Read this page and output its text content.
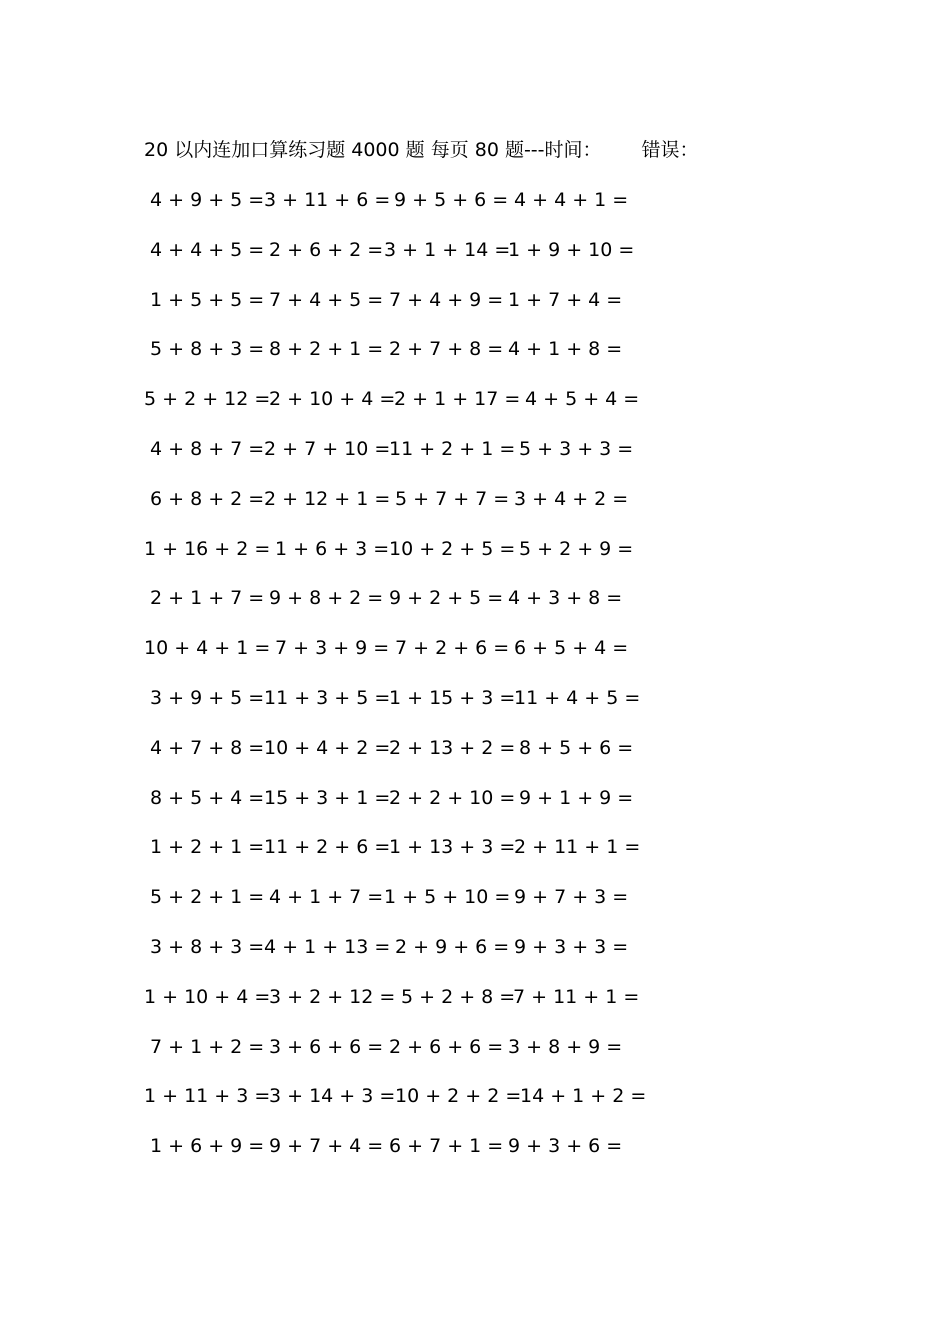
20 以内连加口算练习题 4000 题 每页 80 题---时间： 错误：
4 + 9 + 5 = 3 + 11 + 6 = 9 + 5 + 6 = 4 + 4 + 1 =
4 + 4 + 5 = 2 + 6 + 2 = 3 + 1 + 14 =
1 + 9 + 10 =
1 + 5 + 5 = 7 + 4 + 5 = 7 + 4 + 9 = 1 + 7 + 4 =
5 + 8 + 3 = 8 + 2 + 1 = 2 + 7 + 8 = 4 + 1 + 8 =
5 + 2 + 12 =
2 + 10 + 4 =
2 + 1 + 17 = 4 + 5 + 4 =
4 + 8 + 7 = 2 + 7 + 10 =
11 + 2 + 1 = 5 + 3 + 3 =
6 + 8 + 2 = 2 + 12 + 1 = 5 + 7 + 7 = 3 + 4 + 2 =
1 + 16 + 2 = 1 + 6 + 3 = 10 + 2 + 5 = 5 + 2 + 9 =
2 + 1 + 7 = 9 + 8 + 2 = 9 + 2 + 5 = 4 + 3 + 8 =
10 + 4 + 1 = 7 + 3 + 9 = 7 + 2 + 6 = 6 + 5 + 4 =
3 + 9 + 5 = 11 + 3 + 5 =
1 + 15 + 3 =
11 + 4 + 5 =
4 + 7 + 8 = 10 + 4 + 2 =
2 + 13 + 2 = 8 + 5 + 6 =
8 + 5 + 4 = 15 + 3 + 1 =
2 + 2 + 10 = 9 + 1 + 9 =
1 + 2 + 1 = 11 + 2 + 6 =
1 + 13 + 3 =
2 + 11 + 1 =
5 + 2 + 1 = 4 + 1 + 7 = 1 + 5 + 10 = 9 + 7 + 3 =
3 + 8 + 3 = 4 + 1 + 13 = 2 + 9 + 6 = 9 + 3 + 3 =
1 + 10 + 4 =
3 + 2 + 12 = 5 + 2 + 8 =
7 + 11 + 1 =
7 + 1 + 2 = 3 + 6 + 6 = 2 + 6 + 6 = 3 + 8 + 9 =
1 + 11 + 3 =
3 + 14 + 3 = 10 + 2 + 2 =
14 + 1 + 2 =
1 + 6 + 9 = 9 + 7 + 4 = 6 + 7 + 1 = 9 + 3 + 6 =
